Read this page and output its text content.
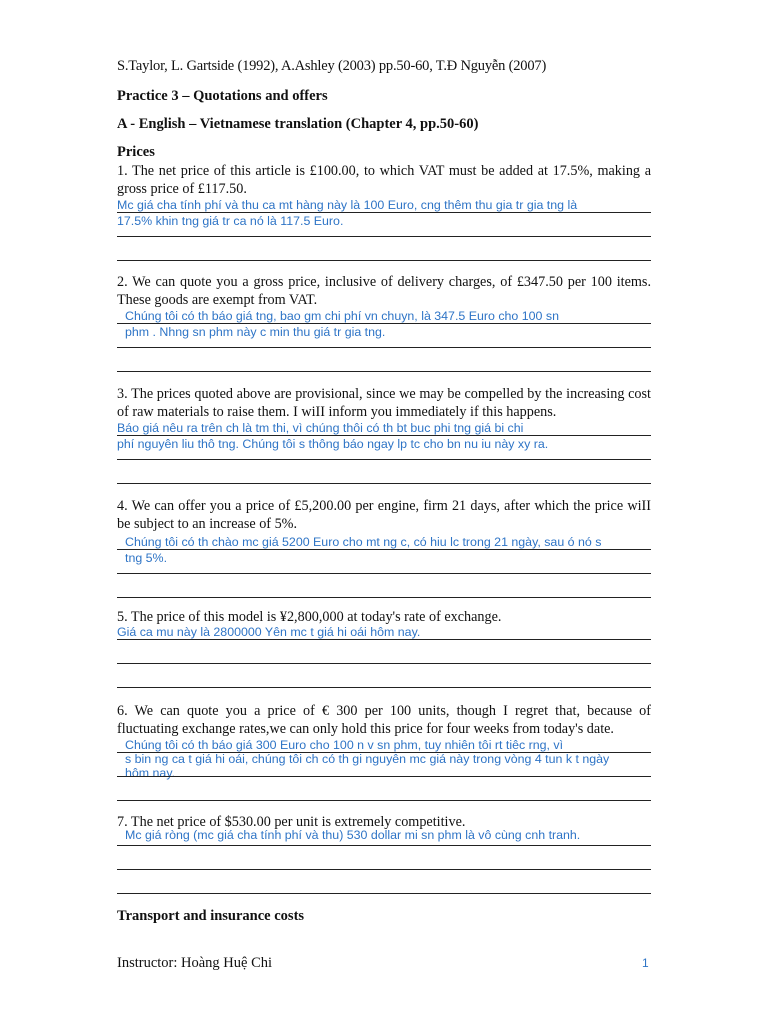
S.Taylor, L. Gartside (1992), A.Ashley (2003) pp.50-60, T.Đ Nguyễn (2007)
Practice 3 – Quotations and offers
A - English – Vietnamese translation (Chapter 4, pp.50-60)
Prices
1. The net price of this article is £100.00, to which VAT must be added at 17.5%, making a gross price of £117.50.
Mc giá cha tính phí và thu ca mt hàng này là 100 Euro, cng thêm thu gia tr gia tng là
17.5% khin tng giá tr ca nó là 117.5 Euro.
2. We can quote you a gross price, inclusive of delivery charges, of £347.50 per 100 items. These goods are exempt from VAT.
Chúng tôi có th báo giá tng, bao gm chi phí vn chuyn, là 347.5 Euro cho 100 sn
phm . Nhng sn phm này c min thu giá tr gia tng.
3. The prices quoted above are provisional, since we may be compelled by the increasing cost of raw materials to raise them. I wiII inform you immediately if this happens.
Báo giá nêu ra trên ch là tm thi, vì chúng thôi có th bt buc phi tng giá bi chi
phí nguyên liu thô tng. Chúng tôi s thông báo ngay lp tc cho bn nu iu này xy ra.
4. We can offer you a price of £5,200.00 per engine, firm 21 days, after which the price wiII be subject to an increase of 5%.
Chúng tôi có th chào mc giá 5200 Euro cho mt ng c, có hiu lc trong 21 ngày, sau ó nó s
tng 5%.
5. The price of this model is ¥2,800,000 at today's rate of exchange.
Giá ca mu này là 2800000 Yên mc t giá hi oái hôm nay.
6. We can quote you a price of € 300 per 100 units, though I regret that, because of fluctuating exchange rates,we can only hold this price for four weeks from today's date.
Chúng tôi có th báo giá 300 Euro cho 100 n v sn phm, tuy nhiên tôi rt tiêc rng, vì
s bin ng ca t giá hi oái, chúng tôi ch có th gi nguyên mc giá này trong vòng 4 tun k t ngày
hôm nay.
7. The net price of $530.00 per unit is extremely competitive.
Mc giá ròng (mc giá cha tính phí và thu) 530 dollar mi sn phm là vô cùng cnh tranh.
Transport and insurance costs
Instructor: Hoàng Huệ Chi	1
